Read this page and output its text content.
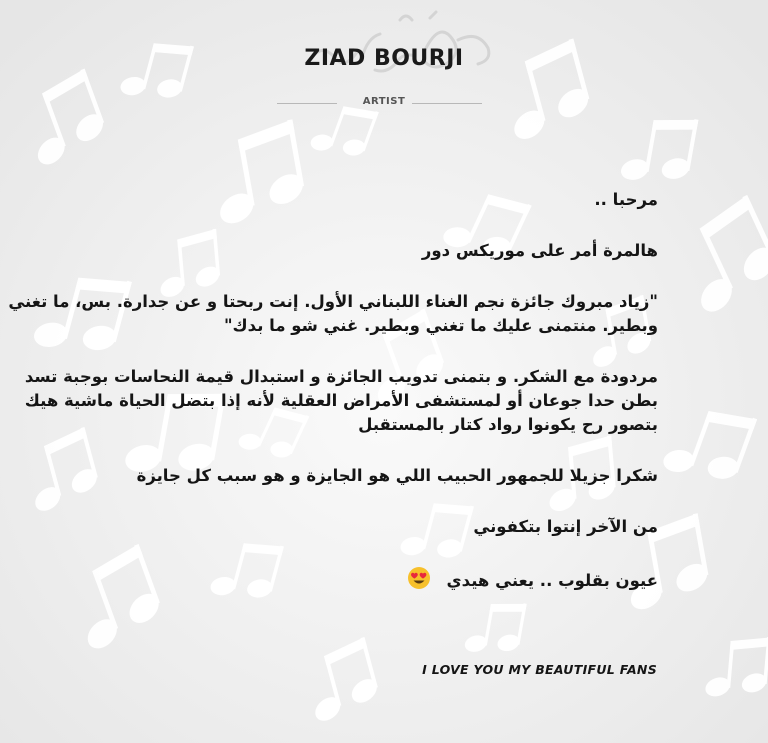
ZIAD BOURJI
ARTIST
مرحبا ..
هالمرة أمر على موريكس دور
"زياد مبروك جائزة نجم الغناء اللبناني الأول. إنت ربحتا و عن جدارة. بس، ما تغني
وبطير. منتمنى عليك ما تغني وبطير. غني شو ما بدك"
مردودة مع الشكر. و بتمنى تدويب الجائزة و استبدال قيمة النحاسات بوجبة تسد
بطن حدا جوعان أو لمستشفى الأمراض العقلية لأنه إذا بتضل الحياة ماشية هيك
بتصور رح يكونوا رواد كتار بالمستقبل
شكرا جزيلا للجمهور الحبيب اللي هو الجايزة و هو سبب كل جايزة
من الآخر إنتوا بتكفوني
عيون بقلوب .. يعني هيدي
I LOVE YOU MY BEAUTIFUL FANS
